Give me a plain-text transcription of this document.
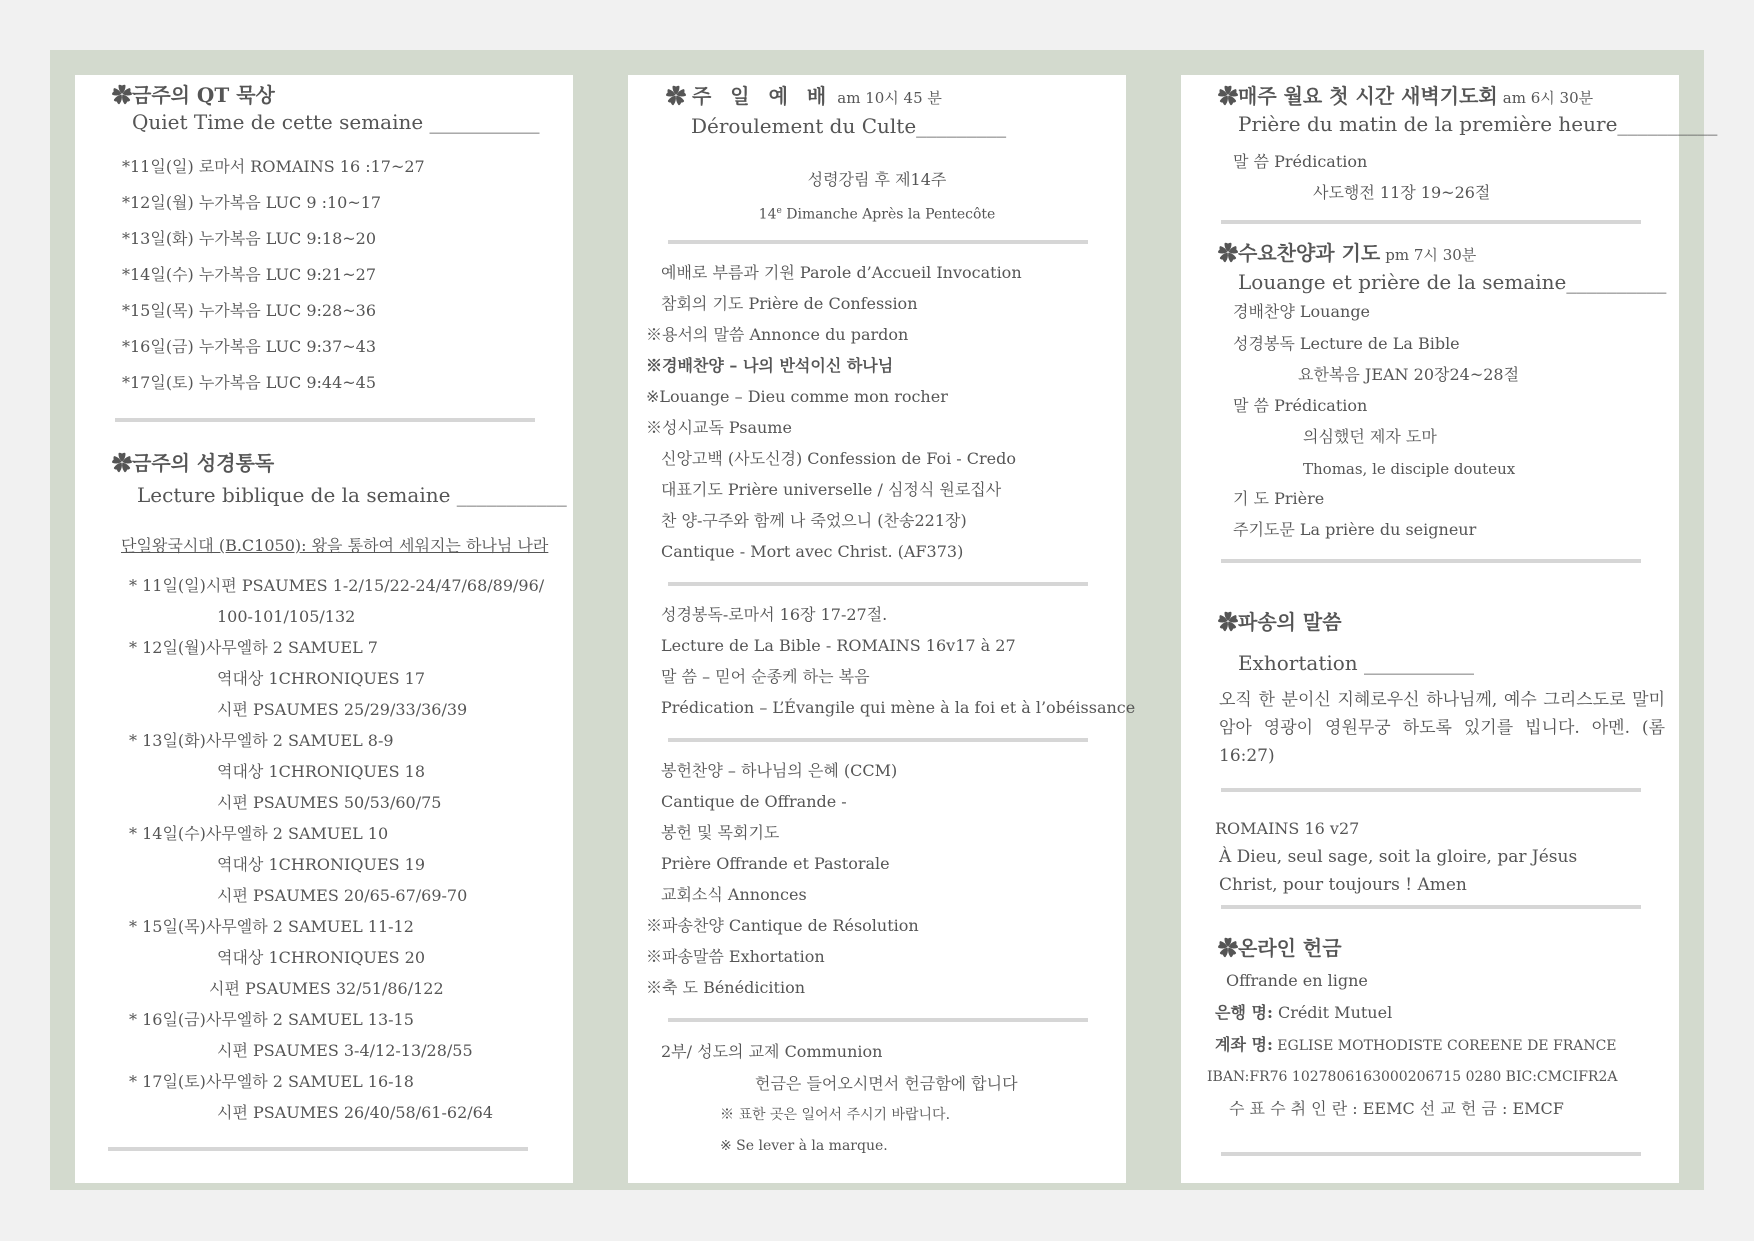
✿금주의 QT 묵상
Quiet Time de cette semaine ___________
*11일(일) 로마서 ROMAINS 16 :17~27
*12일(월) 누가복음 LUC 9 :10~17
*13일(화) 누가복음 LUC 9:18~20
*14일(수) 누가복음 LUC 9:21~27
*15일(목) 누가복음 LUC 9:28~36
*16일(금) 누가복음 LUC 9:37~43
*17일(토) 누가복음 LUC 9:44~45
✿금주의 성경통독
Lecture biblique de la semaine ___________
단일왕국시대 (B.C1050): 왕을 통하여 세워지는 하나님 나라
* 11일(일)시편 PSAUMES 1-2/15/22-24/47/68/89/96/
100-101/105/132
* 12일(월)사무엘하 2 SAMUEL 7
역대상 1CHRONIQUES 17
시편 PSAUMES 25/29/33/36/39
* 13일(화)사무엘하 2 SAMUEL 8-9
역대상 1CHRONIQUES 18
시편 PSAUMES 50/53/60/75
* 14일(수)사무엘하 2 SAMUEL 10
역대상 1CHRONIQUES 19
시편 PSAUMES 20/65-67/69-70
* 15일(목)사무엘하 2 SAMUEL 11-12
역대상 1CHRONIQUES 20
시편 PSAUMES 32/51/86/122
* 16일(금)사무엘하 2 SAMUEL 13-15
시편 PSAUMES 3-4/12-13/28/55
* 17일(토)사무엘하 2 SAMUEL 16-18
시편 PSAUMES 26/40/58/61-62/64
✿주 일 예 배 am 10시 45 분
Déroulement du Culte_________
성령강림 후 제14주
14e Dimanche Après la Pentecôte
예배로 부름과 기원 Parole d’Accueil Invocation
참회의 기도 Prière de Confession
※용서의 말씀 Annonce du pardon
※경배찬양 – 나의 반석이신 하나님
※Louange – Dieu comme mon rocher
※성시교독 Psaume
신앙고백 (사도신경) Confession de Foi - Credo
대표기도 Prière universelle / 심정식 원로집사
찬 양-구주와 함께 나 죽었으니 (찬송221장)
Cantique - Mort avec Christ. (AF373)
성경봉독-로마서 16장 17-27절.
Lecture de La Bible - ROMAINS 16v17 à 27
말 씀 – 믿어 순종케 하는 복음
Prédication – L’Évangile qui mène à la foi et à l’obéissance
봉헌찬양 – 하나님의 은혜 (CCM)
Cantique de Offrande -
봉헌 및 목회기도
Prière Offrande et Pastorale
교회소식 Annonces
※파송찬양 Cantique de Résolution
※파송말씀 Exhortation
※축 도 Bénédicition
2부/ 성도의 교제 Communion
헌금은 들어오시면서 헌금함에 합니다
※ 표한 곳은 일어서 주시기 바랍니다.
※ Se lever à la marque.
✿매주 월요 첫 시간 새벽기도회 am 6시 30분
Prière du matin de la première heure__________
말 씀 Prédication
사도행전 11장 19~26절
✿수요찬양과 기도 pm 7시 30분
Louange et prière de la semaine__________
경배찬양 Louange
성경봉독 Lecture de La Bible
요한복음 JEAN 20장24~28절
말 씀 Prédication
의심했던 제자 도마
Thomas, le disciple douteux
기 도 Prière
주기도문 La prière du seigneur
✿파송의 말씀
Exhortation ___________
오직 한 분이신 지혜로우신 하나님께, 예수 그리스도로 말미암아 영광이 영원무궁 하도록 있기를 빕니다. 아멘. (롬 16:27)
ROMAINS 16 v27
À Dieu, seul sage, soit la gloire, par Jésus Christ, pour toujours ! Amen
✿온라인 헌금
Offrande en ligne
은행 명: Crédit Mutuel
계좌 명: EGLISE MOTHODISTE COREENE DE FRANCE
IBAN:FR76 1027806163000206715 0280 BIC:CMCIFR2A
수 표 수 취 인 란 : EEMC 선 교 헌 금 : EMCF
